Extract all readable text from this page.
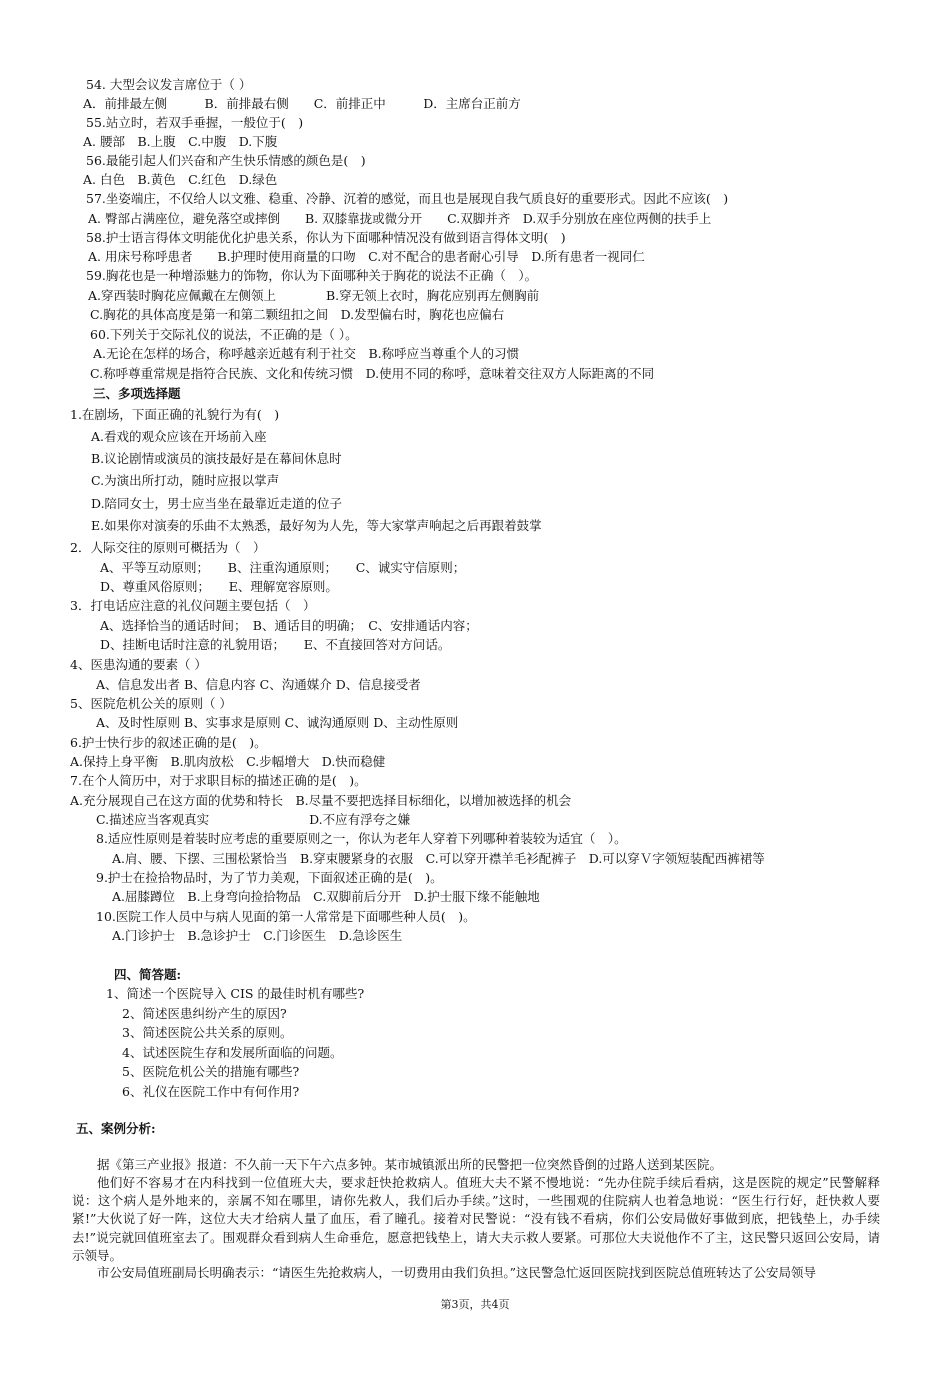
54. 大型会议发言席位于（ ）
A．前排最左侧　　　B．前排最右侧　　C．前排正中　　　D．主席台正前方
55.站立时，若双手垂握，一般位于(　)
A. 腰部　B.上腹　C.中腹　D.下腹
56.最能引起人们兴奋和产生快乐情感的颜色是(　)
A. 白色　B.黄色　C.红色　D.绿色
57.坐姿端庄，不仅给人以文雅、稳重、冷静、沉着的感觉，而且也是展现自我气质良好的重要形式。因此不应该(　)
A. 臀部占满座位，避免落空或摔倒　　B. 双膝靠拢或微分开　　C.双脚并齐　D.双手分别放在座位两侧的扶手上
58.护士语言得体文明能优化护患关系，你认为下面哪种情况没有做到语言得体文明(　)
A. 用床号称呼患者　　B.护理时使用商量的口吻　C.对不配合的患者耐心引导　D.所有患者一视同仁
59.胸花也是一种增添魅力的饰物，你认为下面哪种关于胸花的说法不正确（　）。
A.穿西装时胸花应佩戴在左侧领上　　　　B.穿无领上衣时，胸花应别再左侧胸前
C.胸花的具体高度是第一和第二颗纽扣之间　D.发型偏右时，胸花也应偏右
60.下列关于交际礼仪的说法，不正确的是（ ）。
A.无论在怎样的场合，称呼越亲近越有利于社交　B.称呼应当尊重个人的习惯
C.称呼尊重常规是指符合民族、文化和传统习惯　D.使用不同的称呼，意味着交往双方人际距离的不同
三、多项选择题
1.在剧场，下面正确的礼貌行为有(　)
A.看戏的观众应该在开场前入座
B.议论剧情或演员的演技最好是在幕间休息时
C.为演出所打动，随时应报以掌声
D.陪同女士，男士应当坐在最靠近走道的位子
E.如果你对演奏的乐曲不太熟悉，最好匆为人先，等大家掌声响起之后再跟着鼓掌
2．人际交往的原则可概括为（　）
A、平等互动原则；　　B、注重沟通原则；　　C、诚实守信原则；
D、尊重风俗原则；　　E、理解宽容原则。
3．打电话应注意的礼仪问题主要包括（　）
A、选择恰当的通话时间；　B、通话目的明确；　C、安排通话内容；
D、挂断电话时注意的礼貌用语；　　E、不直接回答对方问话。
4、医患沟通的要素（ ）
A、信息发出者 B、信息内容 C、沟通媒介 D、信息接受者
5、医院危机公关的原则（ ）
A、及时性原则 B、实事求是原则 C、诚沟通原则 D、主动性原则
6.护士快行步的叙述正确的是(　)。
A.保持上身平衡　B.肌肉放松　C.步幅增大　D.快而稳健
7.在个人简历中，对于求职目标的描述正确的是(　)。
A.充分展现自己在这方面的优势和特长　B.尽量不要把选择目标细化，以增加被选择的机会
C.描述应当客观真实　　　　　　　　D.不应有浮夸之嫌
8.适应性原则是着装时应考虑的重要原则之一，你认为老年人穿着下列哪种着装较为适宜（　）。
A.肩、腰、下摆、三围松紧恰当　B.穿束腰紧身的衣服　C.可以穿开襟羊毛衫配裤子　D.可以穿Ｖ字领短装配西裤裙等
9.护士在捡拾物品时，为了节力美观，下面叙述正确的是(　)。
A.屈膝蹲位　B.上身弯向捡拾物品　C.双脚前后分开　D.护士服下缘不能触地
10.医院工作人员中与病人见面的第一人常常是下面哪些种人员(　)。
A.门诊护士　B.急诊护士　C.门诊医生　D.急诊医生
四、简答题:
1、简述一个医院导入 CIS 的最佳时机有哪些?
2、简述医患纠纷产生的原因?
3、简述医院公共关系的原则。
4、试述医院生存和发展所面临的问题。
5、医院危机公关的措施有哪些?
6、礼仪在医院工作中有何作用?
五、案例分析:
据《第三产业报》报道：不久前一天下午六点多钟。某市城镇派出所的民警把一位突然昏倒的过路人送到某医院。
他们好不容易才在内科找到一位值班大夫，要求赶快抢救病人。值班大夫不紧不慢地说：“先办住院手续后看病，这是医院的规定”民警解释说：这个病人是外地来的，亲属不知在哪里，请你先救人，我们后办手续。”这时，一些围观的住院病人也着急地说：“医生行行好，赶快救人要紧!”大伙说了好一阵，这位大夫才给病人量了血压，看了瞳孔。接着对民警说：“没有钱不看病，你们公安局做好事做到底，把钱垫上，办手续去!”说完就回值班室去了。围观群众看到病人生命垂危，愿意把钱垫上，请大夫示救人要紧。可那位大夫说他作不了主，这民警只返回公安局，请示领导。
市公安局值班副局长明确表示：“请医生先抢救病人，一切费用由我们负担。”这民警急忙返回医院找到医院总值班转达了公安局领导
第3页，共4页
